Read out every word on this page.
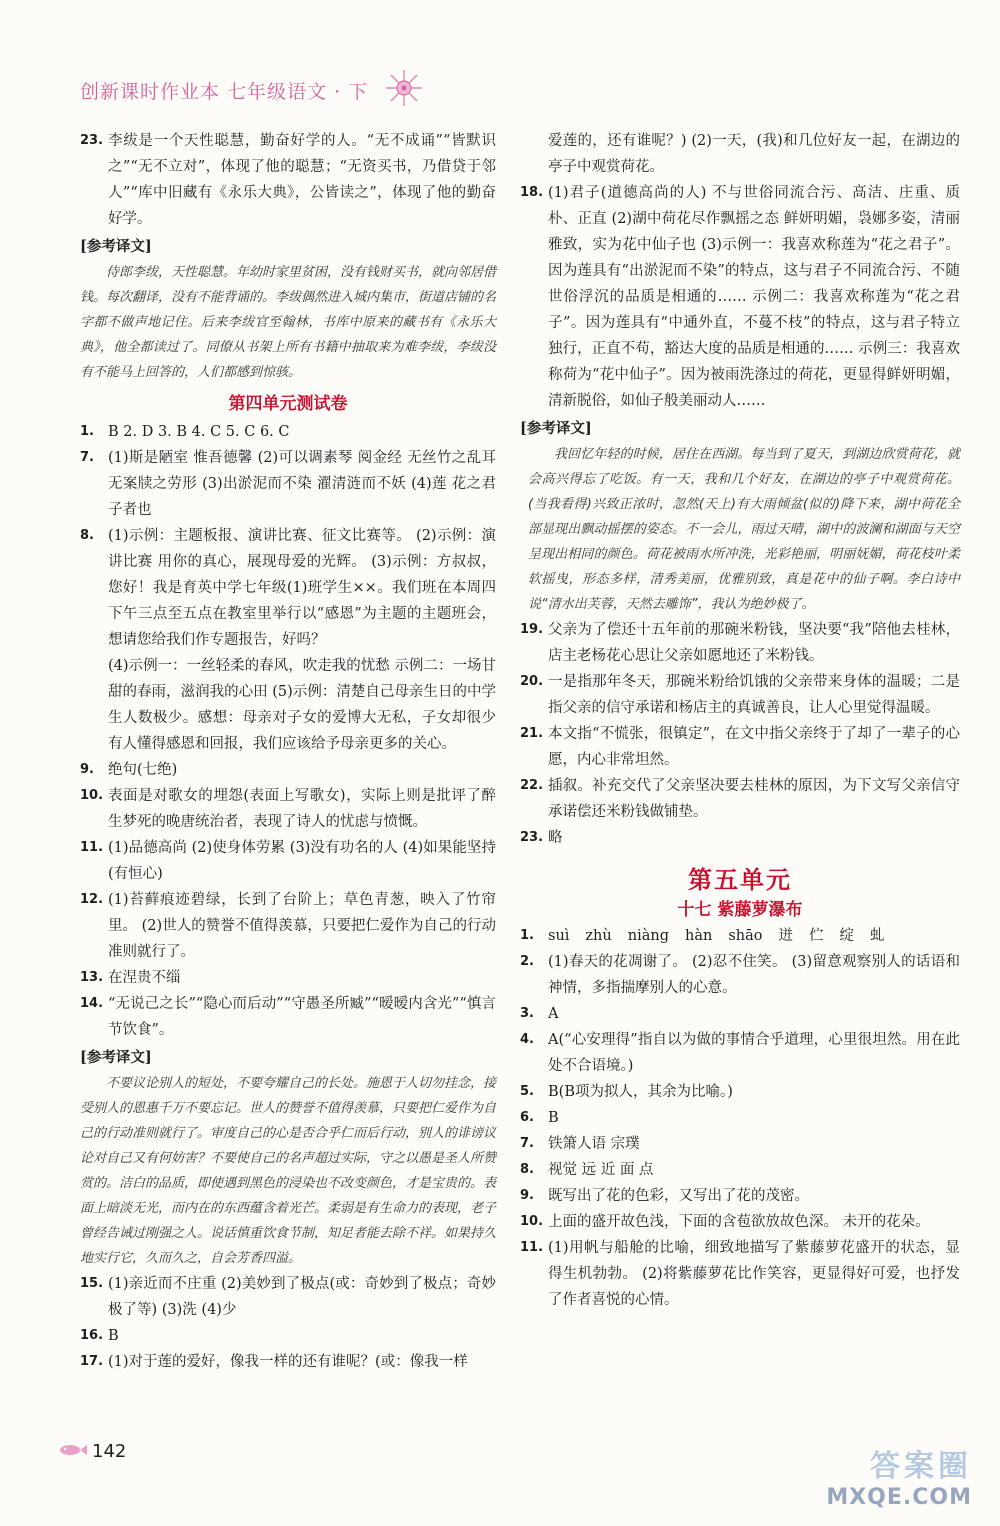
创新课时作业本 七年级语文 · 下
23. 李绂是一个天性聪慧，勤奋好学的人。“无不成诵”“皆默识之”“无不立对”，体现了他的聪慧；“无资买书，乃借贷于邻人”“库中旧藏有《永乐大典》，公皆读之”，体现了他的勤奋好学。
[参考译文]
侍郎李绂，天性聪慧。年幼时家里贫困，没有钱财买书，就向邻居借钱。每次翻译，没有不能背诵的。李绂偶然进入城内集市，街道店铺的名字都不做声地记住。后来李绂官至翰林，书库中原来的藏书有《永乐大典》，他全都读过了。同僚从书架上所有书籍中抽取来为难李绂，李绂没有不能马上回答的，人们都感到惊骇。
第四单元测试卷
1. B 2. D 3. B 4. C 5. C 6. C
7. (1)斯是陋室 惟吾德馨 (2)可以调素琴 阅金经 无丝竹之乱耳 无案牍之劳形 (3)出淤泥而不染 濯清涟而不妖 (4)莲 花之君子者也
8. (1)示例：主题板报、演讲比赛、征文比赛等。 (2)示例：演讲比赛 用你的真心，展现母爱的光辉。 (3)示例：方叔叔，您好！我是育英中学七年级(1)班学生××。我们班在本周四下午三点至五点在教室里举行以“感恩”为主题的主题班会，想请您给我们作专题报告，好吗？
(4)示例一：一丝轻柔的春风，吹走我的忧愁 示例二：一场甘甜的春雨，滋润我的心田 (5)示例：清楚自己母亲生日的中学生人数极少。感想：母亲对子女的爱博大无私，子女却很少有人懂得感恩和回报，我们应该给予母亲更多的关心。
9. 绝句(七绝)
10. 表面是对歌女的埋怨(表面上写歌女)，实际上则是批评了醉生梦死的晚唐统治者，表现了诗人的忧虑与愤慨。
11. (1)品德高尚 (2)使身体劳累 (3)没有功名的人 (4)如果能坚持(有恒心)
12. (1)苔藓痕迹碧绿，长到了台阶上；草色青葱，映入了竹帘里。 (2)世人的赞誉不值得羡慕，只要把仁爱作为自己的行动准则就行了。
13. 在涅贵不缁
14. “无说己之长”“隐心而后动”“守愚圣所臧”“暧暧内含光”“慎言节饮食”。
[参考译文]
不要议论别人的短处，不要夸耀自己的长处。施恩于人切勿挂念，接受别人的恩惠千万不要忘记。世人的赞誉不值得羡慕，只要把仁爱作为自己的行动准则就行了。审度自己的心是否合乎仁而后行动，别人的诽谤议论对自己又有何妨害？不要使自己的名声超过实际，守之以愚是圣人所赞赏的。洁白的品质，即使遇到黑色的浸染也不改变颜色，才是宝贵的。表面上暗淡无光，而内在的东西蕴含着光芒。柔弱是有生命力的表现，老子曾经告诫过刚强之人。说话慎重饮食节制，知足者能去除不祥。如果持久地实行它，久而久之，自会芳香四溢。
15. (1)亲近而不庄重 (2)美妙到了极点(或：奇妙到了极点；奇妙极了等) (3)洗 (4)少
16. B
17. (1)对于莲的爱好，像我一样的还有谁呢？(或：像我一样
爱莲的，还有谁呢？) (2)一天，(我)和几位好友一起，在湖边的亭子中观赏荷花。
18. (1)君子(道德高尚的人) 不与世俗同流合污、高洁、庄重、质朴、正直 (2)湖中荷花尽作飘摇之态 鲜妍明媚，袅娜多姿，清丽雅致，实为花中仙子也 (3)示例一：我喜欢称莲为“花之君子”。因为莲具有“出淤泥而不染”的特点，这与君子不同流合污、不随世俗浮沉的品质是相通的…… 示例二：我喜欢称莲为“花之君子”。因为莲具有“中通外直，不蔓不枝”的特点，这与君子特立独行，正直不苟，豁达大度的品质是相通的…… 示例三：我喜欢称荷为“花中仙子”。因为被雨洗涤过的荷花，更显得鲜妍明媚，清新脱俗，如仙子般美丽动人……
[参考译文]
我回忆年轻的时候，居住在西湖。每当到了夏天，到湖边欣赏荷花，就会高兴得忘了吃饭。有一天，我和几个好友，在湖边的亭子中观赏荷花。(当我看得)兴致正浓时，忽然(天上)有大雨倾盆(似的)降下来，湖中荷花全部显现出飘动摇摆的姿态。不一会儿，雨过天晴，湖中的波澜和湖面与天空呈现出相同的颜色。荷花被雨水所冲洗，光彩艳丽，明丽妩媚，荷花枝叶柔软摇曳，形态多样，清秀美丽，优雅别致，真是花中的仙子啊。李白诗中说“清水出芙蓉，天然去雕饰”，我认为绝妙极了。
19. 父亲为了偿还十五年前的那碗米粉钱，坚决要“我”陪他去桂林，店主老杨花心思让父亲如愿地还了米粉钱。
20. 一是指那年冬天，那碗米粉给饥饿的父亲带来身体的温暖；二是指父亲的信守承诺和杨店主的真诚善良，让人心里觉得温暖。
21. 本文指“不慌张，很镇定”，在文中指父亲终于了却了一辈子的心愿，内心非常坦然。
22. 插叙。补充交代了父亲坚决要去桂林的原因，为下文写父亲信守承诺偿还米粉钱做铺垫。
23. 略
第五单元
十七 紫藤萝瀑布
1. suì zhù niàng hàn shāo 迸 伫 绽 虬
2. (1)春天的花凋谢了。 (2)忍不住笑。 (3)留意观察别人的话语和神情，多指揣摩别人的心意。
3. A
4. A(“心安理得”指自以为做的事情合乎道理，心里很坦然。用在此处不合语境。)
5. B(B项为拟人，其余为比喻。)
6. B
7. 铁箫人语 宗璞
8. 视觉 远 近 面 点
9. 既写出了花的色彩，又写出了花的茂密。
10. 上面的盛开故色浅，下面的含苞欲放故色深。 未开的花朵。
11. (1)用帆与船舱的比喻，细致地描写了紫藤萝花盛开的状态，显得生机勃勃。 (2)将紫藤萝花比作笑容，更显得好可爱，也抒发了作者喜悦的心情。
142	答案圈
MXQE.COM
